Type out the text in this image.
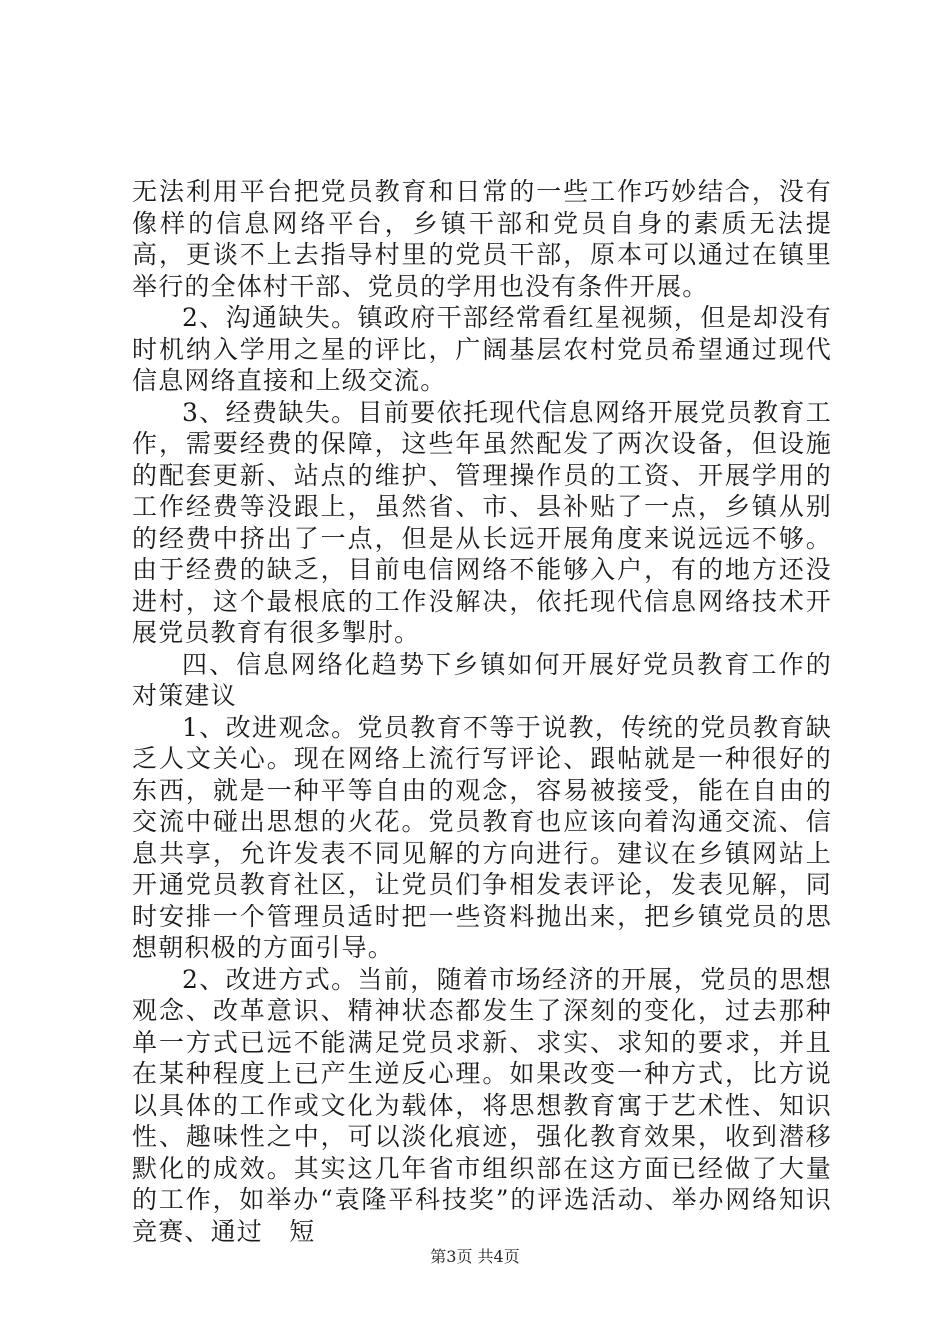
无法利用平台把党员教育和日常的一些工作巧妙结合，没有像样的信息网络平台，乡镇干部和党员自身的素质无法提高，更谈不上去指导村里的党员干部，原本可以通过在镇里举行的全体村干部、党员的学用也没有条件开展。

2、沟通缺失。镇政府干部经常看红星视频，但是却没有时机纳入学用之星的评比，广阔基层农村党员希望通过现代信息网络直接和上级交流。

3、经费缺失。目前要依托现代信息网络开展党员教育工作，需要经费的保障，这些年虽然配发了两次设备，但设施的配套更新、站点的维护、管理操作员的工资、开展学用的工作经费等没跟上，虽然省、市、县补贴了一点，乡镇从别的经费中挤出了一点，但是从长远开展角度来说远远不够。由于经费的缺乏，目前电信网络不能够入户，有的地方还没进村，这个最根底的工作没解决，依托现代信息网络技术开展党员教育有很多掣肘。

四、信息网络化趋势下乡镇如何开展好党员教育工作的对策建议

1、改进观念。党员教育不等于说教，传统的党员教育缺乏人文关心。现在网络上流行写评论、跟帖就是一种很好的东西，就是一种平等自由的观念，容易被接受，能在自由的交流中碰出思想的火花。党员教育也应该向着沟通交流、信息共享，允许发表不同见解的方向进行。建议在乡镇网站上开通党员教育社区，让党员们争相发表评论，发表见解，同时安排一个管理员适时把一些资料抛出来，把乡镇党员的思想朝积极的方面引导。

2、改进方式。当前，随着市场经济的开展，党员的思想观念、改革意识、精神状态都发生了深刻的变化，过去那种单一方式已远不能满足党员求新、求实、求知的要求，并且在某种程度上已产生逆反心理。如果改变一种方式，比方说以具体的工作或文化为载体，将思想教育寓于艺术性、知识性、趣味性之中，可以淡化痕迹，强化教育效果，收到潜移默化的成效。其实这几年省市组织部在这方面已经做了大量的工作，如举办“袁隆平科技奖”的评选活动、举办网络知识竞赛、通过　短

第3页 共4页
